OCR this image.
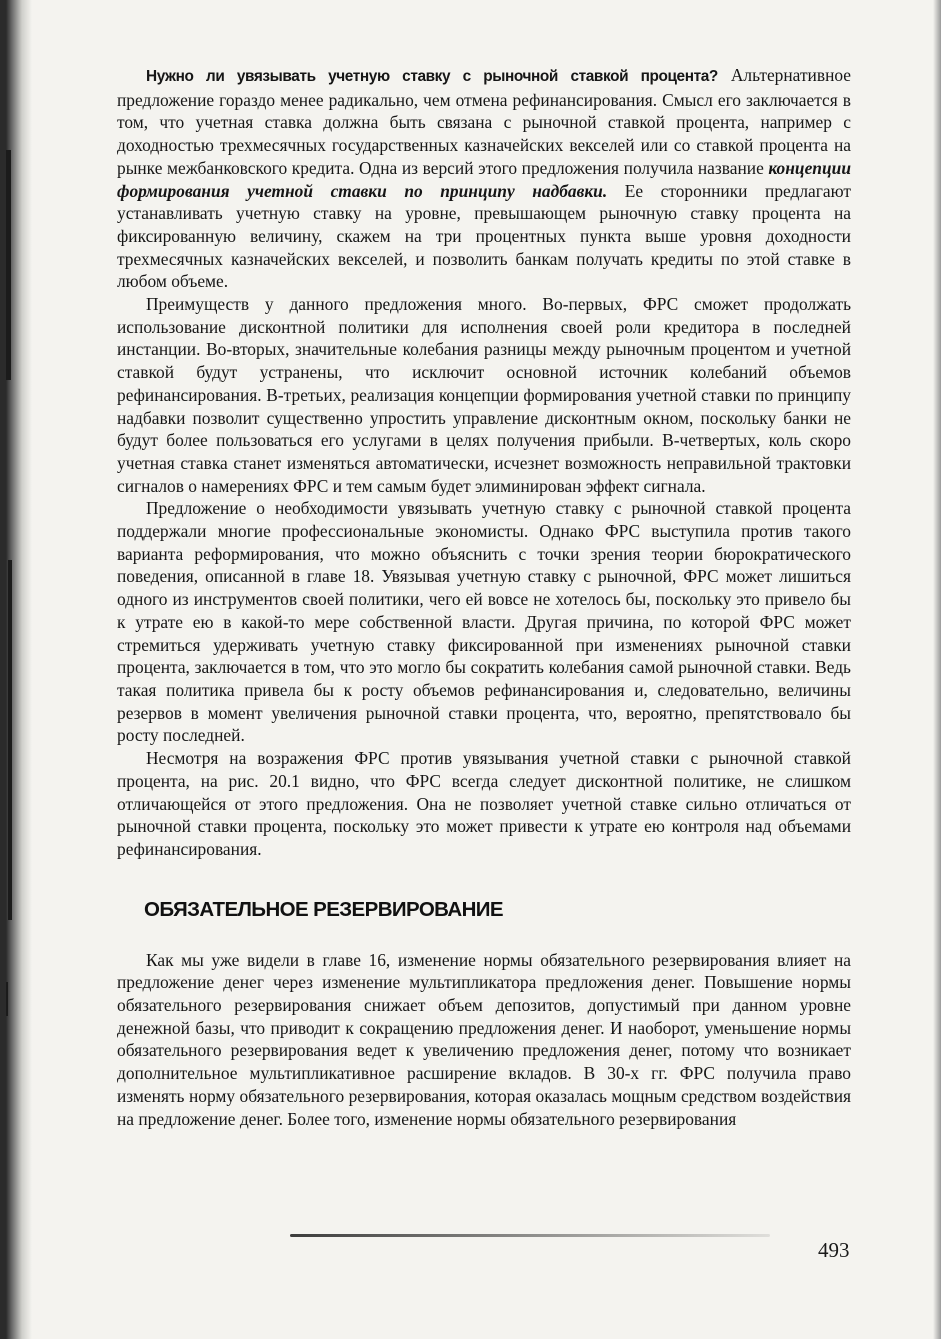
Нужно ли увязывать учетную ставку с рыночной ставкой процента? Альтернативное предложение гораздо менее радикально, чем отмена рефинансирования. Смысл его заключается в том, что учетная ставка должна быть связана с рыночной ставкой процента, например с доходностью трехмесячных государственных казначейских векселей или со ставкой процента на рынке межбанковского кредита. Одна из версий этого предложения получила название концепции формирования учетной ставки по принципу надбавки. Ее сторонники предлагают устанавливать учетную ставку на уровне, превышающем рыночную ставку процента на фиксированную величину, скажем на три процентных пункта выше уровня доходности трехмесячных казначейских векселей, и позволить банкам получать кредиты по этой ставке в любом объеме.

Преимуществ у данного предложения много. Во-первых, ФРС сможет продолжать использование дисконтной политики для исполнения своей роли кредитора в последней инстанции. Во-вторых, значительные колебания разницы между рыночным процентом и учетной ставкой будут устранены, что исключит основной источник колебаний объемов рефинансирования. В-третьих, реализация концепции формирования учетной ставки по принципу надбавки позволит существенно упростить управление дисконтным окном, поскольку банки не будут более пользоваться его услугами в целях получения прибыли. В-четвертых, коль скоро учетная ставка станет изменяться автоматически, исчезнет возможность неправильной трактовки сигналов о намерениях ФРС и тем самым будет элиминирован эффект сигнала.

Предложение о необходимости увязывать учетную ставку с рыночной ставкой процента поддержали многие профессиональные экономисты. Однако ФРС выступила против такого варианта реформирования, что можно объяснить с точки зрения теории бюрократического поведения, описанной в главе 18. Увязывая учетную ставку с рыночной, ФРС может лишиться одного из инструментов своей политики, чего ей вовсе не хотелось бы, поскольку это привело бы к утрате ею в какой-то мере собственной власти. Другая причина, по которой ФРС может стремиться удерживать учетную ставку фиксированной при изменениях рыночной ставки процента, заключается в том, что это могло бы сократить колебания самой рыночной ставки. Ведь такая политика привела бы к росту объемов рефинансирования и, следовательно, величины резервов в момент увеличения рыночной ставки процента, что, вероятно, препятствовало бы росту последней.

Несмотря на возражения ФРС против увязывания учетной ставки с рыночной ставкой процента, на рис. 20.1 видно, что ФРС всегда следует дисконтной политике, не слишком отличающейся от этого предложения. Она не позволяет учетной ставке сильно отличаться от рыночной ставки процента, поскольку это может привести к утрате ею контроля над объемами рефинансирования.

ОБЯЗАТЕЛЬНОЕ РЕЗЕРВИРОВАНИЕ

Как мы уже видели в главе 16, изменение нормы обязательного резервирования влияет на предложение денег через изменение мультипликатора предложения денег. Повышение нормы обязательного резервирования снижает объем депозитов, допустимый при данном уровне денежной базы, что приводит к сокращению предложения денег. И наоборот, уменьшение нормы обязательного резервирования ведет к увеличению предложения денег, потому что возникает дополнительное мультипликативное расширение вкладов. В 30-х гг. ФРС получила право изменять норму обязательного резервирования, которая оказалась мощным средством воздействия на предложение денег. Более того, изменение нормы обязательного резервирования

493
